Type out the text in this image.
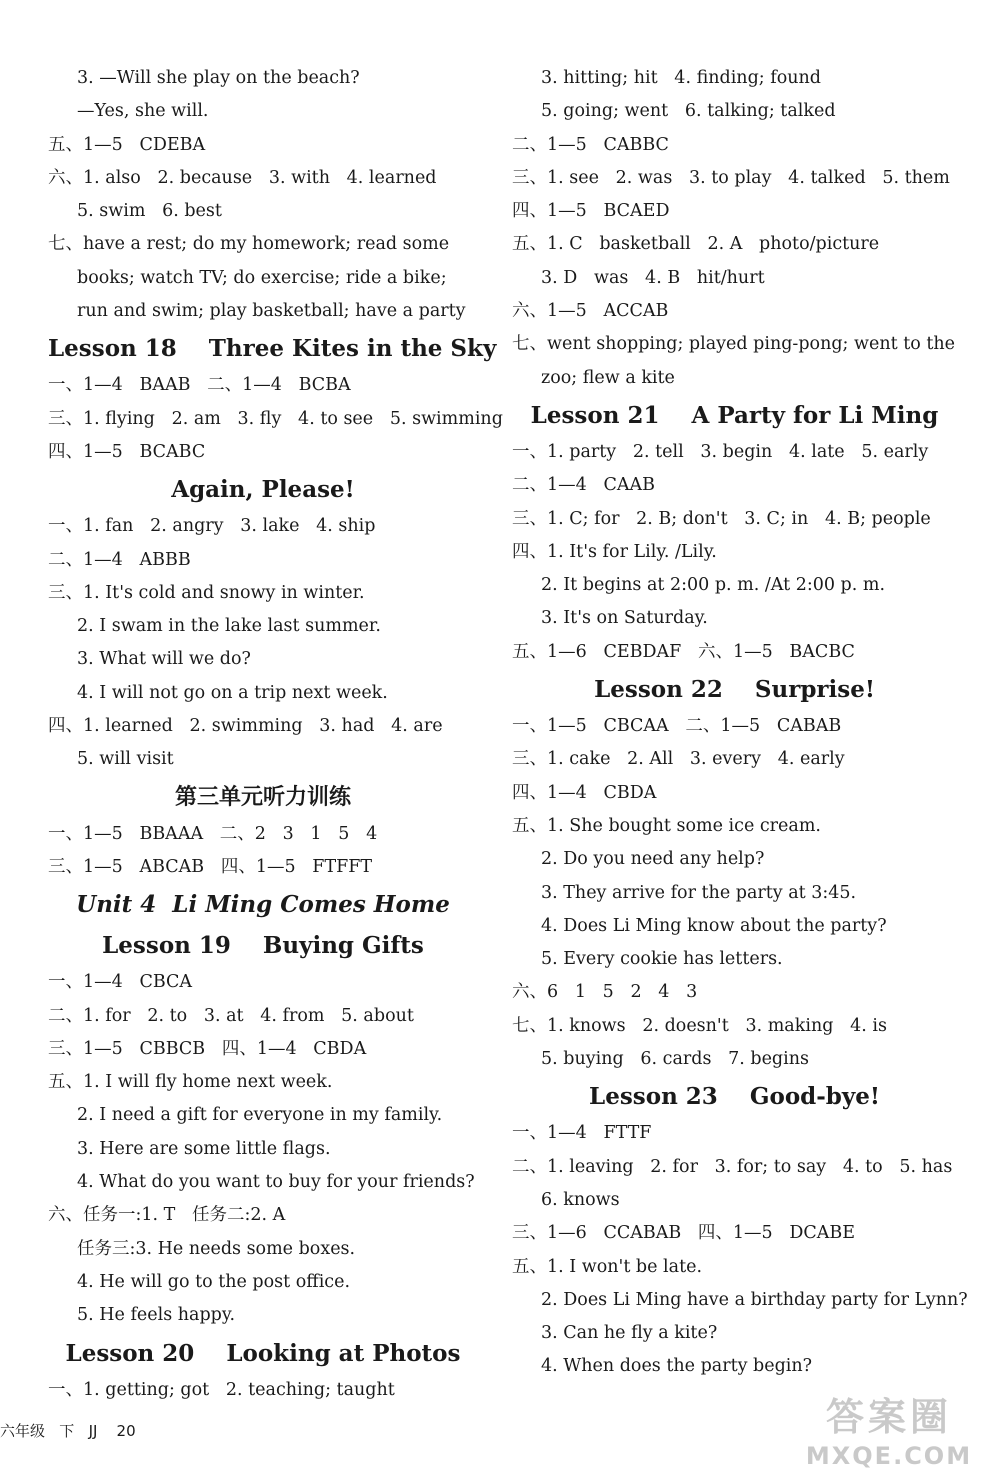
3. —Will she play on the beach?
—Yes, she will.
五、1—5   CDEBA
六、1. also   2. because   3. with   4. learned
5. swim   6. best
七、have a rest; do my homework; read some
books; watch TV; do exercise; ride a bike;
run and swim; play basketball; have a party
Lesson 18    Three Kites in the Sky
一、1—4   BAAB   二、1—4   BCBA
三、1. flying   2. am   3. fly   4. to see   5. swimming
四、1—5   BCABC
Again, Please!
一、1. fan   2. angry   3. lake   4. ship
二、1—4   ABBB
三、1. It's cold and snowy in winter.
2. I swam in the lake last summer.
3. What will we do?
4. I will not go on a trip next week.
四、1. learned   2. swimming   3. had   4. are
5. will visit
第三单元听力训练
一、1—5   BBAAA   二、2   3   1   5   4
三、1—5   ABCAB   四、1—5   FTFFT
Unit 4  Li Ming Comes Home
Lesson 19    Buying Gifts
一、1—4   CBCA
二、1. for   2. to   3. at   4. from   5. about
三、1—5   CBBCB   四、1—4   CBDA
五、1. I will fly home next week.
2. I need a gift for everyone in my family.
3. Here are some little flags.
4. What do you want to buy for your friends?
六、任务一:1. T   任务二:2. A
任务三:3. He needs some boxes.
4. He will go to the post office.
5. He feels happy.
Lesson 20    Looking at Photos
一、1. getting; got   2. teaching; taught
3. hitting; hit   4. finding; found
5. going; went   6. talking; talked
二、1—5   CABBC
三、1. see   2. was   3. to play   4. talked   5. them
四、1—5   BCAED
五、1. C   basketball   2. A   photo/picture
3. D   was   4. B   hit/hurt
六、1—5   ACCAB
七、went shopping; played ping-pong; went to the
zoo; flew a kite
Lesson 21    A Party for Li Ming
一、1. party   2. tell   3. begin   4. late   5. early
二、1—4   CAAB
三、1. C; for   2. B; don't   3. C; in   4. B; people
四、1. It's for Lily. /Lily.
2. It begins at 2:00 p. m. /At 2:00 p. m.
3. It's on Saturday.
五、1—6   CEBDAF   六、1—5   BACBC
Lesson 22    Surprise!
一、1—5   CBCAA   二、1—5   CABAB
三、1. cake   2. All   3. every   4. early
四、1—4   CBDA
五、1. She bought some ice cream.
2. Do you need any help?
3. They arrive for the party at 3:45.
4. Does Li Ming know about the party?
5. Every cookie has letters.
六、6   1   5   2   4   3
七、1. knows   2. doesn't   3. making   4. is
5. buying   6. cards   7. begins
Lesson 23    Good-bye!
一、1—4   FTTF
二、1. leaving   2. for   3. for; to say   4. to   5. has
6. knows
三、1—6   CCABAB   四、1—5   DCABE
五、1. I won't be late.
2. Does Li Ming have a birthday party for Lynn?
3. Can he fly a kite?
4. When does the party begin?
六年级   下   JJ    20	答案圈
MXQE.COM
